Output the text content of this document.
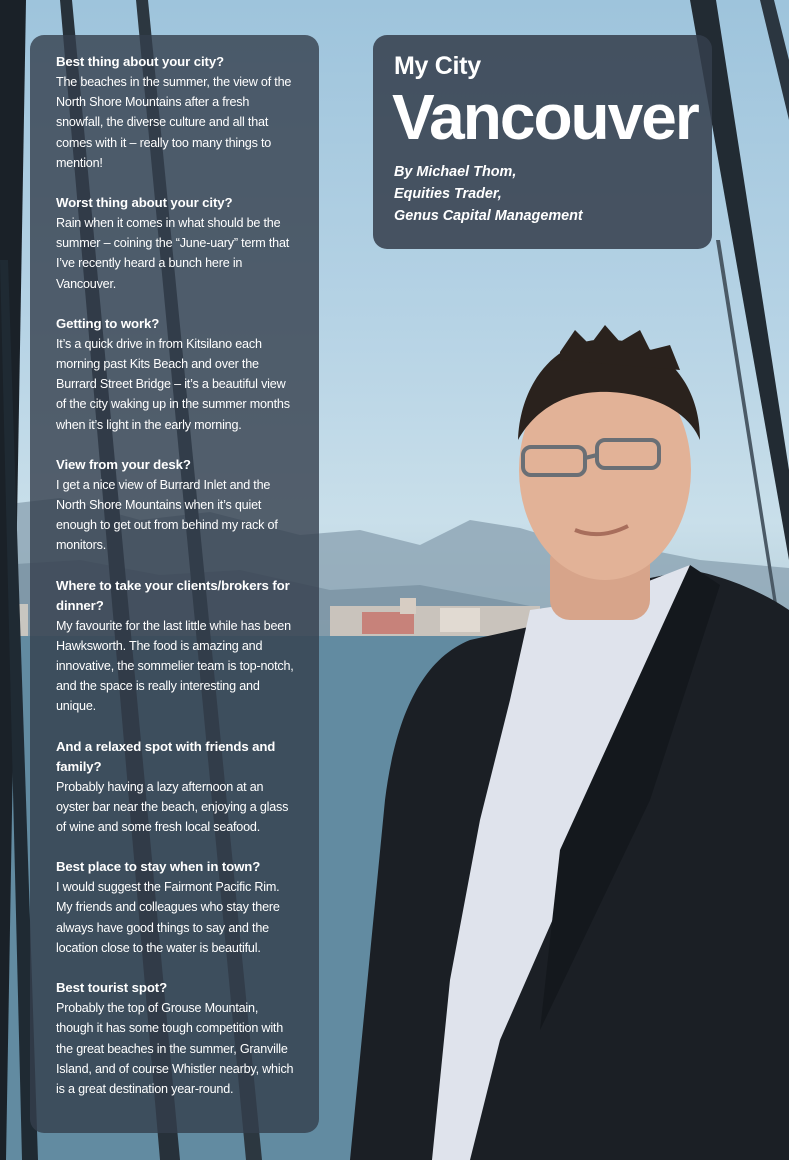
My City

Vancouver

By Michael Thom,
Equities Trader,
Genus Capital Management

Best thing about your city?

The beaches in the summer, the view of the North Shore Mountains after a fresh snowfall, the diverse culture and all that comes with it – really too many things to mention!

Worst thing about your city?

Rain when it comes in what should be the summer – coining the “June-uary” term that I’ve recently heard a bunch here in Vancouver.

Getting to work?

It’s a quick drive in from Kitsilano each morning past Kits Beach and over the Burrard Street Bridge – it’s a beautiful view of the city waking up in the summer months when it’s light in the early morning.

View from your desk?

I get a nice view of Burrard Inlet and the North Shore Mountains when it’s quiet enough to get out from behind my rack of monitors.

Where to take your clients/brokers for dinner?

My favourite for the last little while has been Hawksworth. The food is amazing and innovative, the sommelier team is top-notch, and the space is really interesting and unique.

And a relaxed spot with friends and family?

Probably having a lazy afternoon at an oyster bar near the beach, enjoying a glass of wine and some fresh local seafood.

Best place to stay when in town?

I would suggest the Fairmont Pacific Rim. My friends and colleagues who stay there always have good things to say and the location close to the water is beautiful.

Best tourist spot?

Probably the top of Grouse Mountain, though it has some tough competition with the great beaches in the summer, Granville Island, and of course Whistler nearby, which is a great destination year-round.
